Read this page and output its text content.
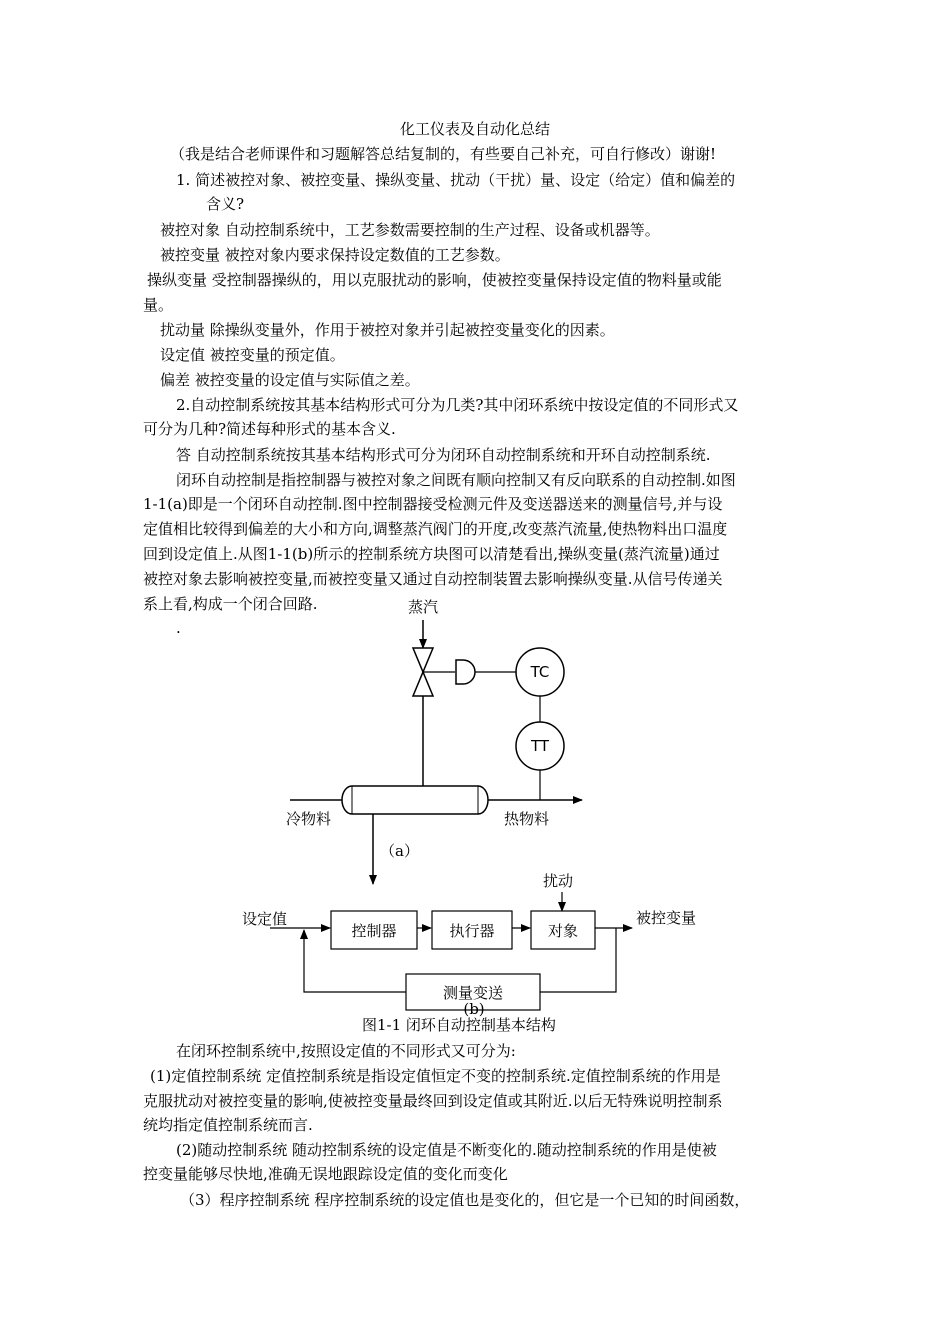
化工仪表及自动化总结
（我是结合老师课件和习题解答总结复制的，有些要自己补充，可自行修改）谢谢!
1. 简述被控对象、被控变量、操纵变量、扰动（干扰）量、设定（给定）值和偏差的
含义?
被控对象 自动控制系统中，工艺参数需要控制的生产过程、设备或机器等。
被控变量 被控对象内要求保持设定数值的工艺参数。
操纵变量 受控制器操纵的，用以克服扰动的影响，使被控变量保持设定值的物料量或能
量。
扰动量 除操纵变量外，作用于被控对象并引起被控变量变化的因素。
设定值 被控变量的预定值。
偏差 被控变量的设定值与实际值之差。
2.自动控制系统按其基本结构形式可分为几类?其中闭环系统中按设定值的不同形式又
可分为几种?简述每种形式的基本含义.
答 自动控制系统按其基本结构形式可分为闭环自动控制系统和开环自动控制系统.
闭环自动控制是指控制器与被控对象之间既有顺向控制又有反向联系的自动控制.如图
1-1(a)即是一个闭环自动控制.图中控制器接受检测元件及变送器送来的测量信号,并与设
定值相比较得到偏差的大小和方向,调整蒸汽阀门的开度,改变蒸汽流量,使热物料出口温度
回到设定值上.从图1-1(b)所示的控制系统方块图可以清楚看出,操纵变量(蒸汽流量)通过
被控对象去影响被控变量,而被控变量又通过自动控制装置去影响操纵变量.从信号传递关
系上看,构成一个闭合回路.
.
蒸汽
TC
TT
冷物料	热物料
（a）
扰动
设定值
控制器	执行器	对象
被控变量
测量变送
(b)
图1-1 闭环自动控制基本结构
在闭环控制系统中,按照设定值的不同形式又可分为:
(1)定值控制系统 定值控制系统是指设定值恒定不变的控制系统.定值控制系统的作用是
克服扰动对被控变量的影响,使被控变量最终回到设定值或其附近.以后无特殊说明控制系
统均指定值控制系统而言.
(2)随动控制系统 随动控制系统的设定值是不断变化的.随动控制系统的作用是使被
控变量能够尽快地,准确无误地跟踪设定值的变化而变化
（3）程序控制系统 程序控制系统的设定值也是变化的，但它是一个已知的时间函数，
